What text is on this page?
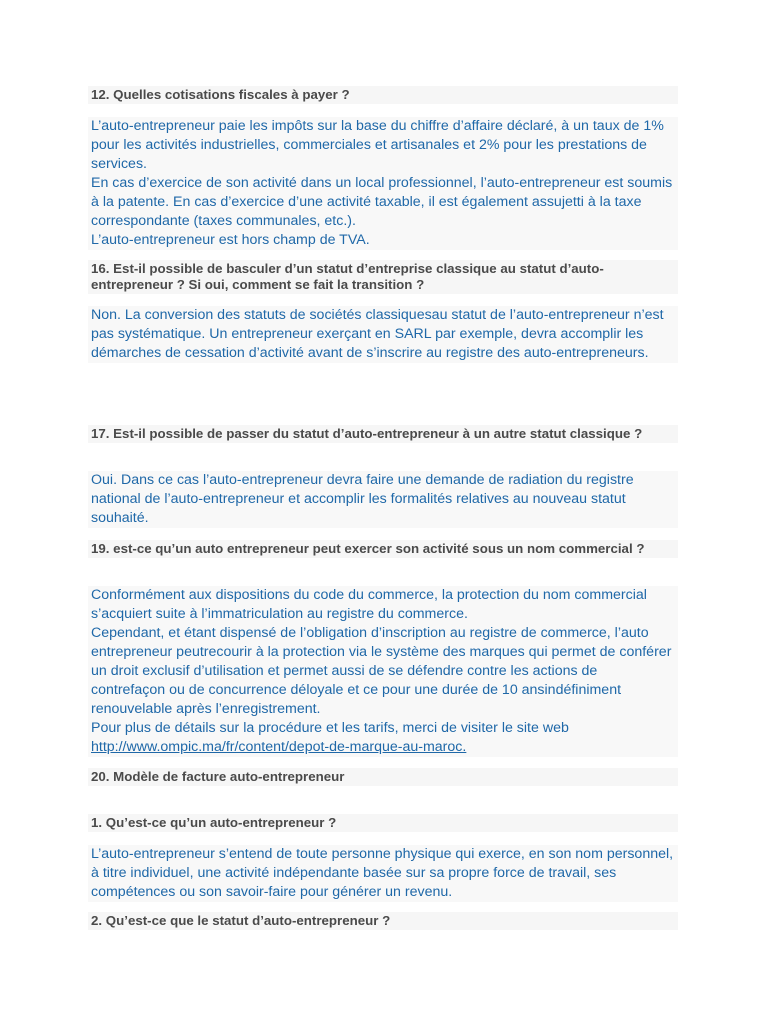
12. Quelles cotisations fiscales à payer ?

L’auto-entrepreneur paie les impôts sur la base du chiffre d’affaire déclaré, à un taux de 1% pour les activités industrielles, commerciales et artisanales et 2% pour les prestations de services.

En cas d’exercice de son activité dans un local professionnel, l’auto-entrepreneur est soumis à la patente. En cas d’exercice d’une activité taxable, il est également assujetti à la taxe correspondante (taxes communales, etc.).

L’auto-entrepreneur est hors champ de TVA.

16. Est-il possible de basculer d’un statut d’entreprise classique au statut d’auto-entrepreneur ? Si oui, comment se fait la transition ?

Non. La conversion des statuts de sociétés classiquesau statut de l’auto-entrepreneur n’est pas systématique. Un entrepreneur exerçant en SARL par exemple, devra accomplir les démarches de cessation d’activité avant de s’inscrire au registre des auto-entrepreneurs.

17. Est-il possible de passer du statut d’auto-entrepreneur à un autre statut classique ?

Oui. Dans ce cas l’auto-entrepreneur devra faire une demande de radiation du registre national de l’auto-entrepreneur et accomplir les formalités relatives au nouveau statut souhaité.

19. est-ce qu’un auto entrepreneur peut exercer son activité sous un nom commercial ?

Conformément aux dispositions du code du commerce, la protection du nom commercial s’acquiert suite à l’immatriculation au registre du commerce.

Cependant, et étant dispensé de l’obligation d’inscription au registre de commerce, l’auto entrepreneur peutrecourir à la protection via le système des marques qui permet de conférer un droit exclusif d’utilisation et permet aussi de se défendre contre les actions de contrefaçon ou de concurrence déloyale et ce pour une durée de 10 ansindéfiniment renouvelable après l’enregistrement.

Pour plus de détails sur la procédure et les tarifs, merci de visiter le site web http://www.ompic.ma/fr/content/depot-de-marque-au-maroc.

20. Modèle de facture auto-entrepreneur
1. Qu’est-ce qu’un auto-entrepreneur ?

L’auto-entrepreneur s’entend de toute personne physique qui exerce, en son nom personnel, à titre individuel, une activité indépendante basée sur sa propre force de travail, ses compétences ou son savoir-faire pour générer un revenu.

2. Qu’est-ce que le statut d’auto-entrepreneur ?
